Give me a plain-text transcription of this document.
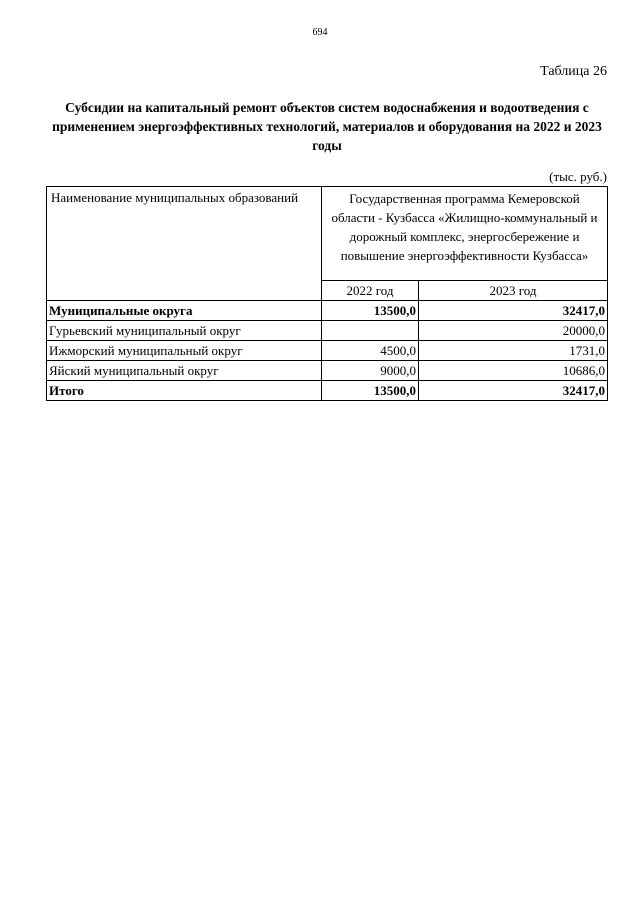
694
Таблица 26
Субсидии на капитальный ремонт объектов систем водоснабжения и водоотведения с применением энергоэффективных технологий, материалов и оборудования на 2022 и 2023 годы
(тыс. руб.)
Наименование муниципальных образований	Государственная программа Кемеровской области - Кузбасса «Жилищно-коммунальный и дорожный комплекс, энергосбережение и повышение энергоэффективности Кузбасса»	
	2022 год	2023 год
Муниципальные округа	13500,0	32417,0
Гурьевский муниципальный округ		20000,0
Ижморский муниципальный округ	4500,0	1731,0
Яйский муниципальный округ	9000,0	10686,0
Итого	13500,0	32417,0
